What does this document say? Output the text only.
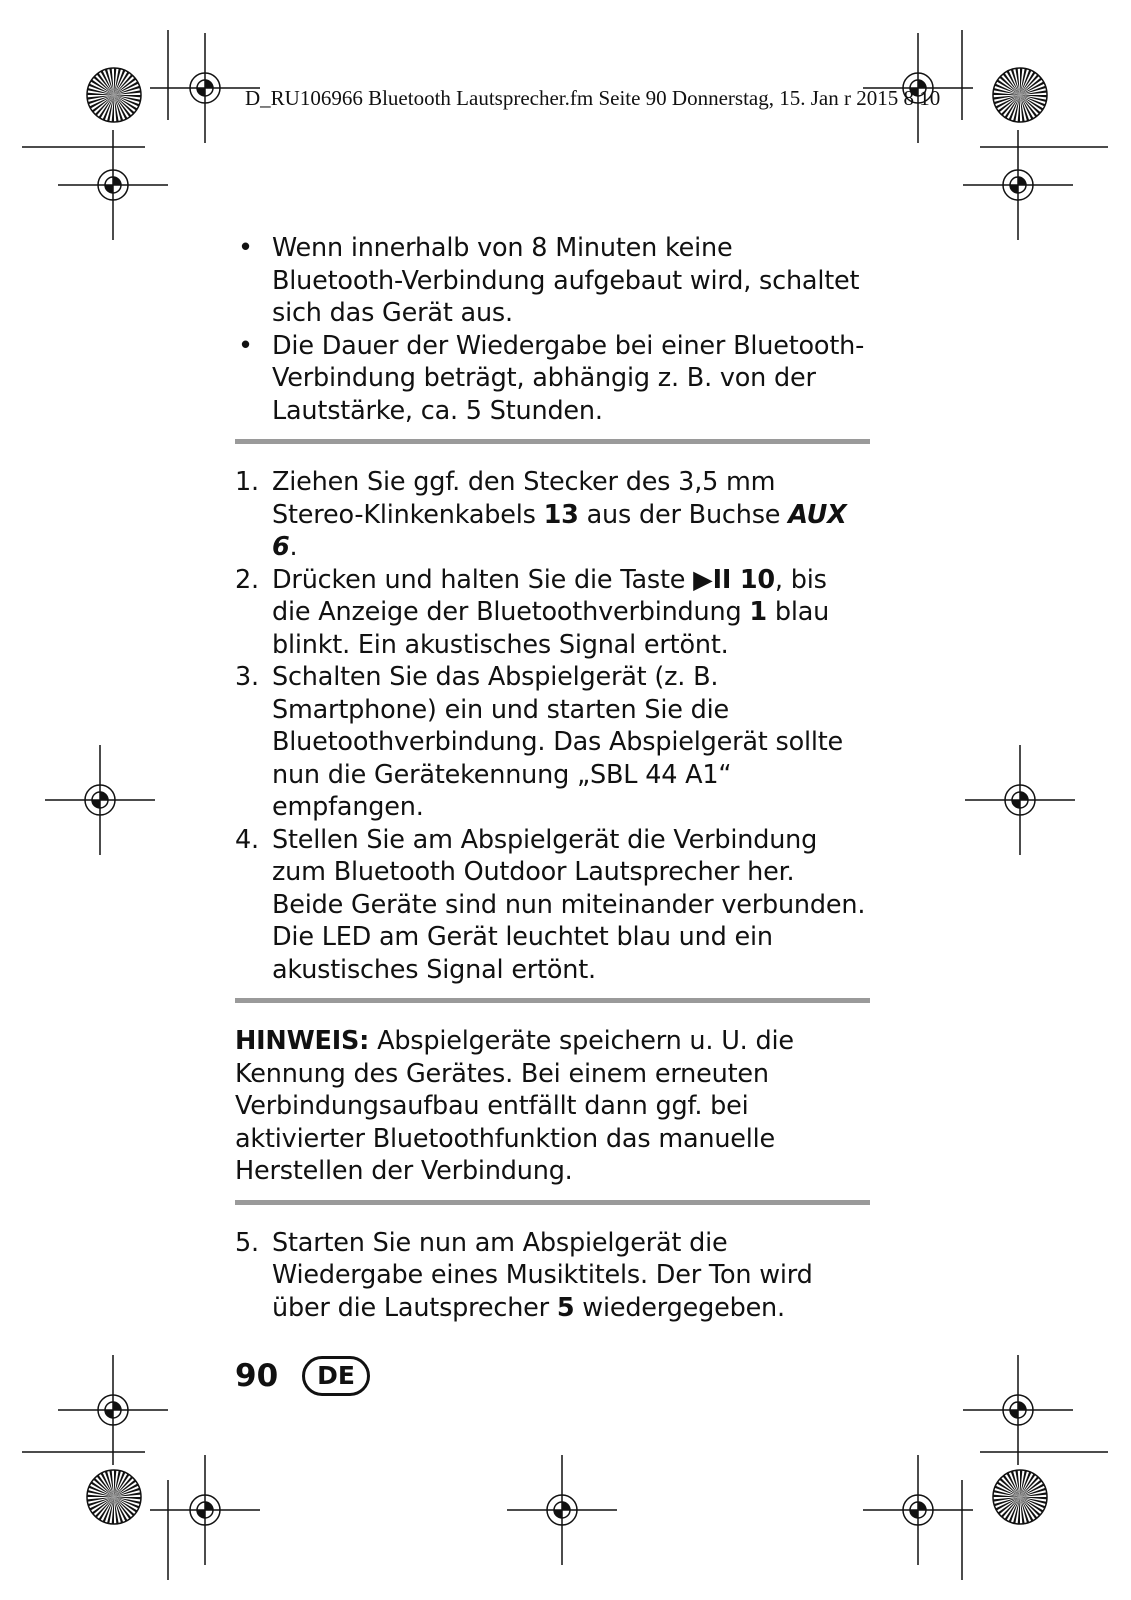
D_RU106966 Bluetooth Lautsprecher.fm Seite 90 Donnerstag, 15. Jan r 2015 8 10
• Wenn innerhalb von 8 Minuten keine Bluetooth-Verbindung aufgebaut wird, schaltet sich das Gerät aus.
• Die Dauer der Wiedergabe bei einer Bluetooth-Verbindung beträgt, abhängig z. B. von der Lautstärke, ca. 5 Stunden.
1. Ziehen Sie ggf. den Stecker des 3,5 mm Stereo-Klinkenkabels 13 aus der Buchse AUX 6.
2. Drücken und halten Sie die Taste ▶II 10, bis die Anzeige der Bluetoothverbindung 1 blau blinkt. Ein akustisches Signal ertönt.
3. Schalten Sie das Abspielgerät (z. B. Smartphone) ein und starten Sie die Bluetoothverbindung. Das Abspielgerät sollte nun die Gerätekennung „SBL 44 A1“ empfangen.
4. Stellen Sie am Abspielgerät die Verbindung zum Bluetooth Outdoor Lautsprecher her. Beide Geräte sind nun miteinander verbunden. Die LED am Gerät leuchtet blau und ein akustisches Signal ertönt.

HINWEIS: Abspielgeräte speichern u. U. die Kennung des Gerätes. Bei einem erneuten Verbindungsaufbau entfällt dann ggf. bei aktivierter Bluetoothfunktion das manuelle Herstellen der Verbindung.

5. Starten Sie nun am Abspielgerät die Wiedergabe eines Musiktitels. Der Ton wird über die Lautsprecher 5 wiedergegeben.
90	DE
